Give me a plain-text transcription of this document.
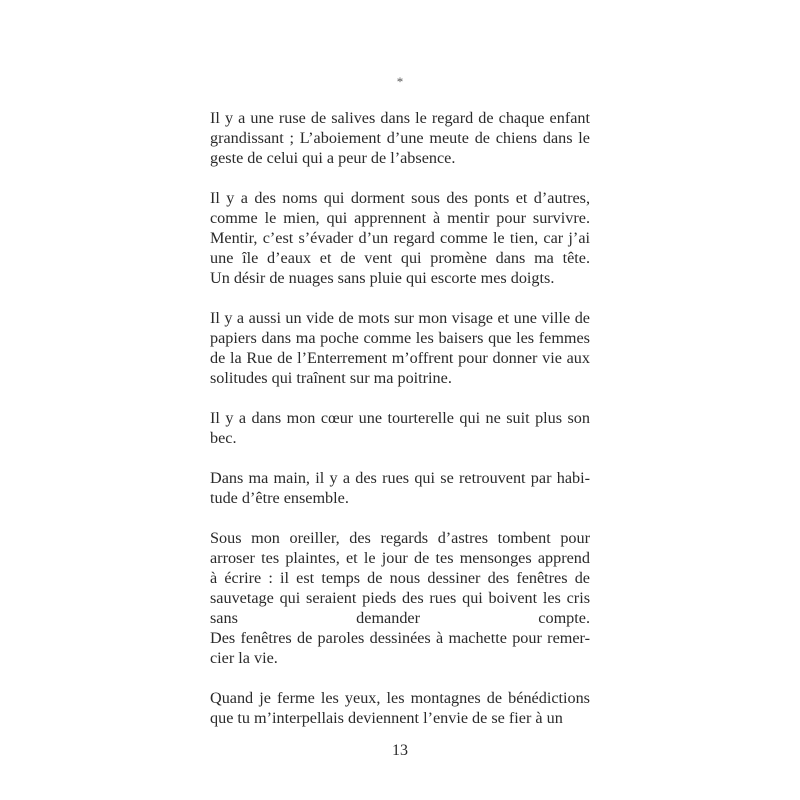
*
Il y a une ruse de salives dans le regard de chaque enfant
grandissant ; L’aboiement d’une meute de chiens dans le
geste de celui qui a peur de l’absence.
Il y a des noms qui dorment sous des ponts et d’autres,
comme le mien, qui apprennent à mentir pour survivre.
Mentir, c’est s’évader d’un regard comme le tien, car j’ai
une île d’eaux et de vent qui promène dans ma tête.
Un désir de nuages sans pluie qui escorte mes doigts.
Il y a aussi un vide de mots sur mon visage et une ville de
papiers dans ma poche comme les baisers que les femmes
de la Rue de l’Enterrement m’offrent pour donner vie aux
solitudes qui traînent sur ma poitrine.
Il y a dans mon cœur une tourterelle qui ne suit plus son
bec.
Dans ma main, il y a des rues qui se retrouvent par habi-
tude d’être ensemble.
Sous mon oreiller, des regards d’astres tombent pour
arroser tes plaintes, et le jour de tes mensonges apprend
à écrire : il est temps de nous dessiner des fenêtres de
sauvetage qui seraient pieds des rues qui boivent les cris
sans demander compte.
Des fenêtres de paroles dessinées à machette pour remer-
cier la vie.
Quand je ferme les yeux, les montagnes de bénédictions
que tu m’interpellais deviennent l’envie de se fier à un
13
